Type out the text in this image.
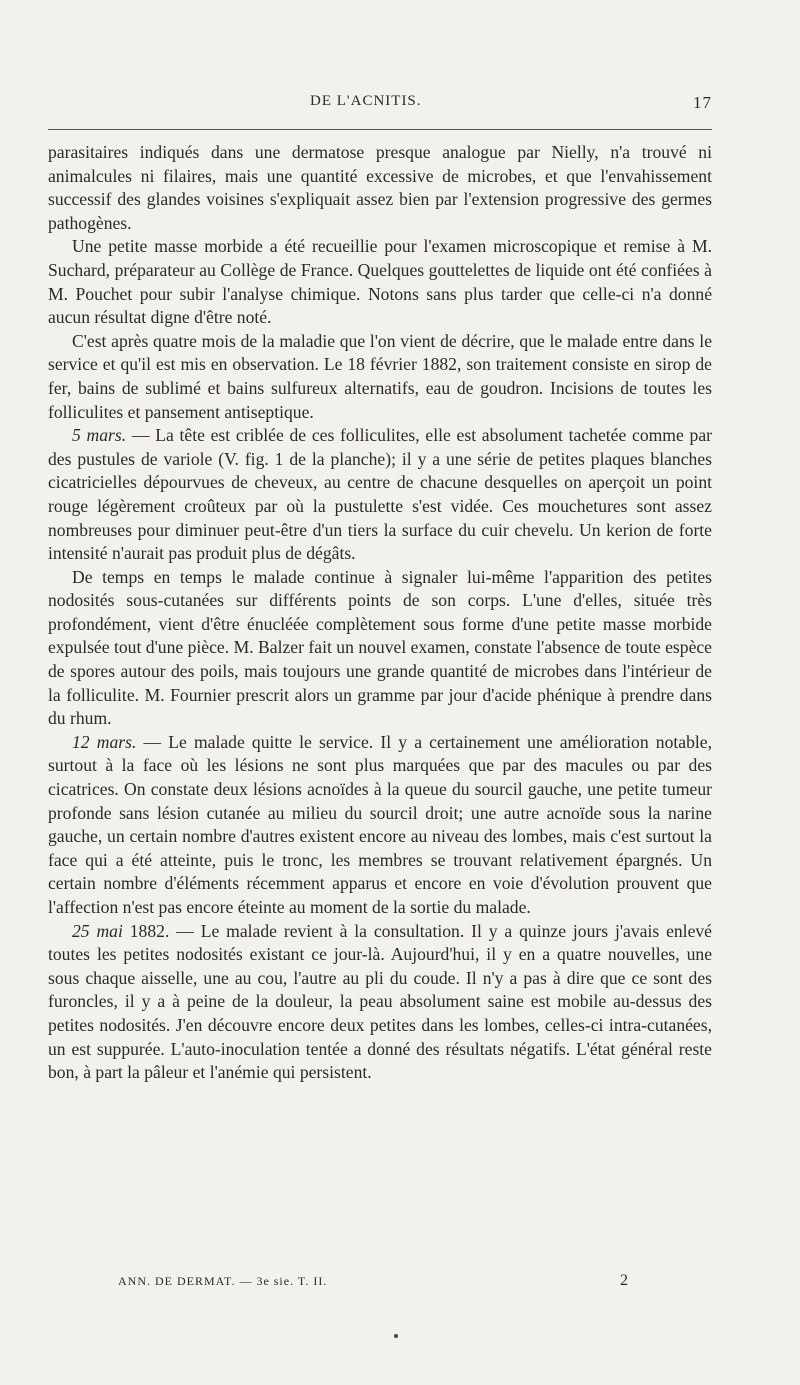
DE L'ACNITIS.	17

parasitaires indiqués dans une dermatose presque analogue par Nielly, n'a trouvé ni animalcules ni filaires, mais une quantité excessive de microbes, et que l'envahissement successif des glandes voisines s'expliquait assez bien par l'extension progressive des germes pathogènes.

Une petite masse morbide a été recueillie pour l'examen microscopique et remise à M. Suchard, préparateur au Collège de France. Quelques gouttelettes de liquide ont été confiées à M. Pouchet pour subir l'analyse chimique. Notons sans plus tarder que celle-ci n'a donné aucun résultat digne d'être noté.

C'est après quatre mois de la maladie que l'on vient de décrire, que le malade entre dans le service et qu'il est mis en observation. Le 18 février 1882, son traitement consiste en sirop de fer, bains de sublimé et bains sulfureux alternatifs, eau de goudron. Incisions de toutes les folliculites et pansement antiseptique.

5 mars. — La tête est criblée de ces folliculites, elle est absolument tachetée comme par des pustules de variole (V. fig. 1 de la planche); il y a une série de petites plaques blanches cicatricielles dépourvues de cheveux, au centre de chacune desquelles on aperçoit un point rouge légèrement croûteux par où la pustulette s'est vidée. Ces mouchetures sont assez nombreuses pour diminuer peut-être d'un tiers la surface du cuir chevelu. Un kerion de forte intensité n'aurait pas produit plus de dégâts.

De temps en temps le malade continue à signaler lui-même l'apparition des petites nodosités sous-cutanées sur différents points de son corps. L'une d'elles, située très profondément, vient d'être énucléée complètement sous forme d'une petite masse morbide expulsée tout d'une pièce. M. Balzer fait un nouvel examen, constate l'absence de toute espèce de spores autour des poils, mais toujours une grande quantité de microbes dans l'intérieur de la folliculite. M. Fournier prescrit alors un gramme par jour d'acide phénique à prendre dans du rhum.

12 mars. — Le malade quitte le service. Il y a certainement une amélioration notable, surtout à la face où les lésions ne sont plus marquées que par des macules ou par des cicatrices. On constate deux lésions acnoïdes à la queue du sourcil gauche, une petite tumeur profonde sans lésion cutanée au milieu du sourcil droit; une autre acnoïde sous la narine gauche, un certain nombre d'autres existent encore au niveau des lombes, mais c'est surtout la face qui a été atteinte, puis le tronc, les membres se trouvant relativement épargnés. Un certain nombre d'éléments récemment apparus et encore en voie d'évolution prouvent que l'affection n'est pas encore éteinte au moment de la sortie du malade.

25 mai 1882. — Le malade revient à la consultation. Il y a quinze jours j'avais enlevé toutes les petites nodosités existant ce jour-là. Aujourd'hui, il y en a quatre nouvelles, une sous chaque aisselle, une au cou, l'autre au pli du coude. Il n'y a pas à dire que ce sont des furoncles, il y a à peine de la douleur, la peau absolument saine est mobile au-dessus des petites nodosités. J'en découvre encore deux petites dans les lombes, celles-ci intra-cutanées, un est suppurée. L'auto-inoculation tentée a donné des résultats négatifs. L'état général reste bon, à part la pâleur et l'anémie qui persistent.

ANN. DE DERMAT. — 3e sie. T. II.	2
